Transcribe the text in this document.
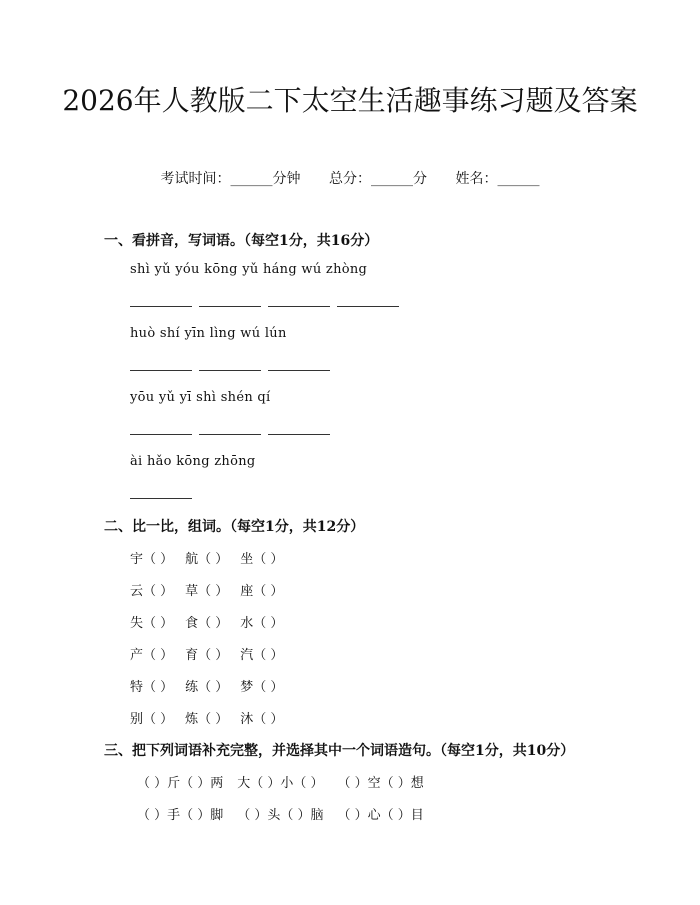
2026年人教版二下太空生活趣事练习题及答案
考试时间：______分钟 总分：______分 姓名：______
一、看拼音，写词语。（每空1分，共16分）
shì yǔ yóu kōng yǔ háng wú zhòng
huò shí yīn lìng wú lún
yōu yǔ yī shì shén qí
ài hǎo kōng zhōng
二、比一比，组词。（每空1分，共12分）
宇（ ） 航（ ） 坐（ ）
云（ ） 草（ ） 座（ ）
失（ ） 食（ ） 水（ ）
产（ ） 育（ ） 汽（ ）
特（ ） 练（ ） 梦（ ）
别（ ） 炼（ ） 沐（ ）
三、把下列词语补充完整，并选择其中一个词语造句。（每空1分，共10分）
（ ）斤（ ）两 大（ ）小（ ） （ ）空（ ）想
（ ）手（ ）脚 （ ）头（ ）脑 （ ）心（ ）目
